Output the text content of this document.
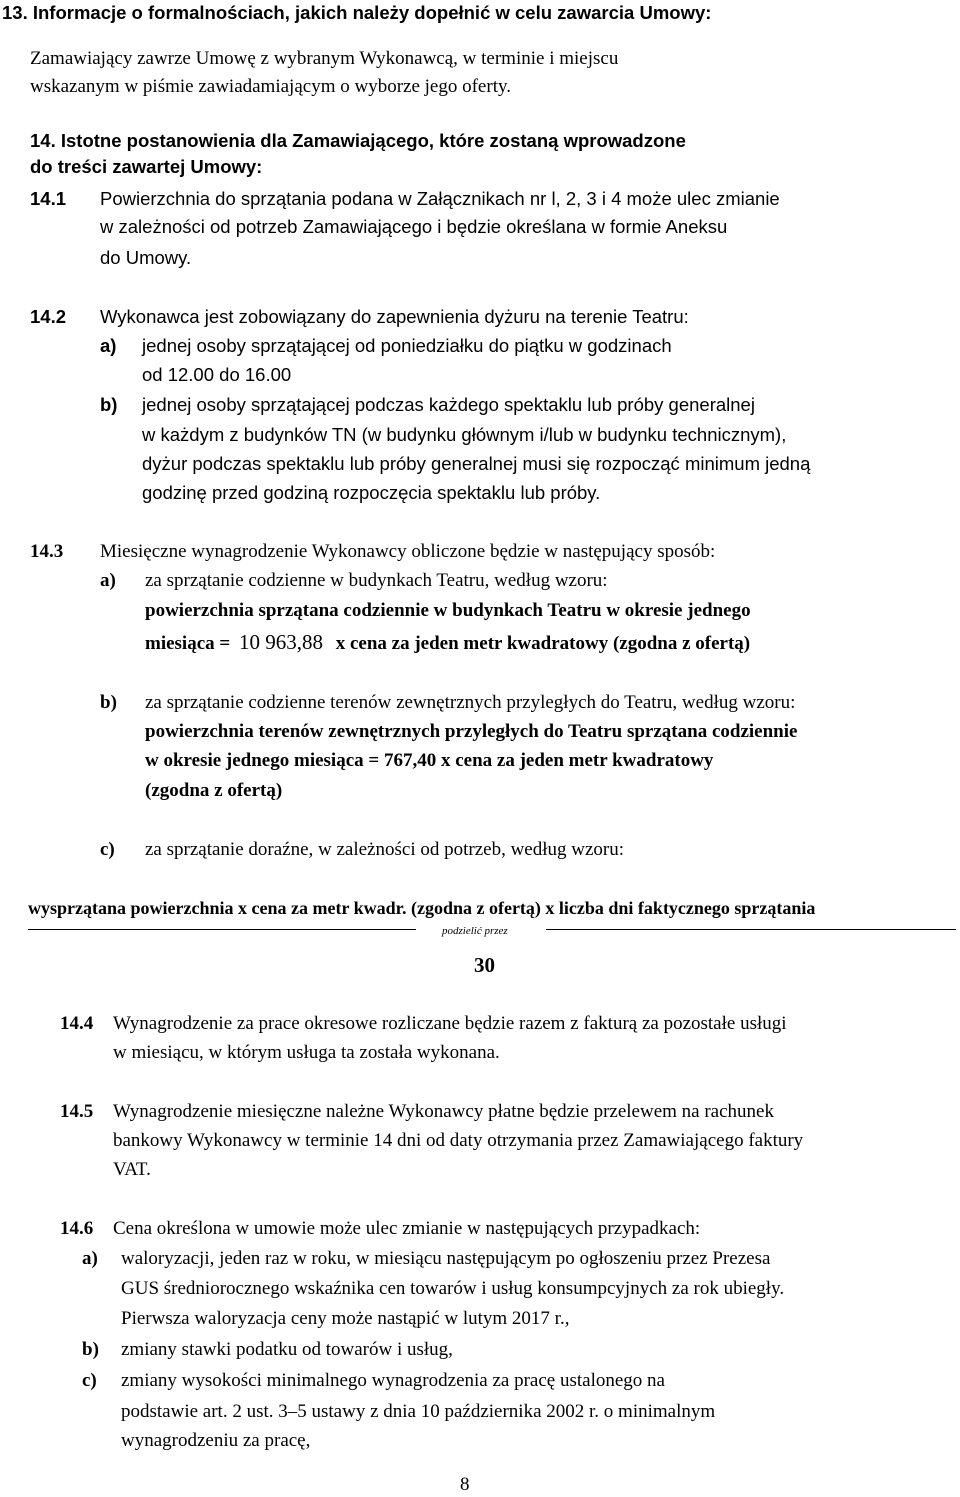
13. Informacje o formalnościach, jakich należy dopełnić w celu zawarcia Umowy:
Zamawiający zawrze Umowę z wybranym Wykonawcą, w terminie i miejscu
wskazanym w piśmie zawiadamiającym o wyborze jego oferty.
14. Istotne postanowienia dla Zamawiającego, które zostaną wprowadzone
do treści zawartej Umowy:
14.1 Powierzchnia do sprzątania podana w Załącznikach nr l, 2, 3 i 4 może ulec zmianie
w zależności od potrzeb Zamawiającego i będzie określana w formie Aneksu
do Umowy.
14.2 Wykonawca jest zobowiązany do zapewnienia dyżuru na terenie Teatru:
a) jednej osoby sprzątającej od poniedziałku do piątku w godzinach
od 12.00 do 16.00
b) jednej osoby sprzątającej podczas każdego spektaklu lub próby generalnej
w każdym z budynków TN (w budynku głównym i/lub w budynku technicznym),
dyżur podczas spektaklu lub próby generalnej musi się rozpocząć minimum jedną
godzinę przed godziną rozpoczęcia spektaklu lub próby.
14.3 Miesięczne wynagrodzenie Wykonawcy obliczone będzie w następujący sposób:
a) za sprzątanie codzienne w budynkach Teatru, według wzoru:
powierzchnia sprzątana codziennie w budynkach Teatru w okresie jednego
miesiąca = 10 963,88 x cena za jeden metr kwadratowy (zgodna z ofertą)
b) za sprzątanie codzienne terenów zewnętrznych przyległych do Teatru, według wzoru:
powierzchnia terenów zewnętrznych przyległych do Teatru sprzątana codziennie
w okresie jednego miesiąca = 767,40 x cena za jeden metr kwadratowy
(zgodna z ofertą)
c) za sprzątanie doraźne, w zależności od potrzeb, według wzoru:
wysprzątana powierzchnia x cena za metr kwadr. (zgodna z ofertą) x liczba dni faktycznego sprzątania
podzielić przez
30
14.4 Wynagrodzenie za prace okresowe rozliczane będzie razem z fakturą za pozostałe usługi
w miesiącu, w którym usługa ta została wykonana.
14.5 Wynagrodzenie miesięczne należne Wykonawcy płatne będzie przelewem na rachunek
bankowy Wykonawcy w terminie 14 dni od daty otrzymania przez Zamawiającego faktury
VAT.
14.6 Cena określona w umowie może ulec zmianie w następujących przypadkach:
a) waloryzacji, jeden raz w roku, w miesiącu następującym po ogłoszeniu przez Prezesa
GUS średniorocznego wskaźnika cen towarów i usług konsumpcyjnych za rok ubiegły.
Pierwsza waloryzacja ceny może nastąpić w lutym 2017 r.,
b) zmiany stawki podatku od towarów i usług,
c) zmiany wysokości minimalnego wynagrodzenia za pracę ustalonego na
podstawie art. 2 ust. 3–5 ustawy z dnia 10 października 2002 r. o minimalnym
wynagrodzeniu za pracę,
8
